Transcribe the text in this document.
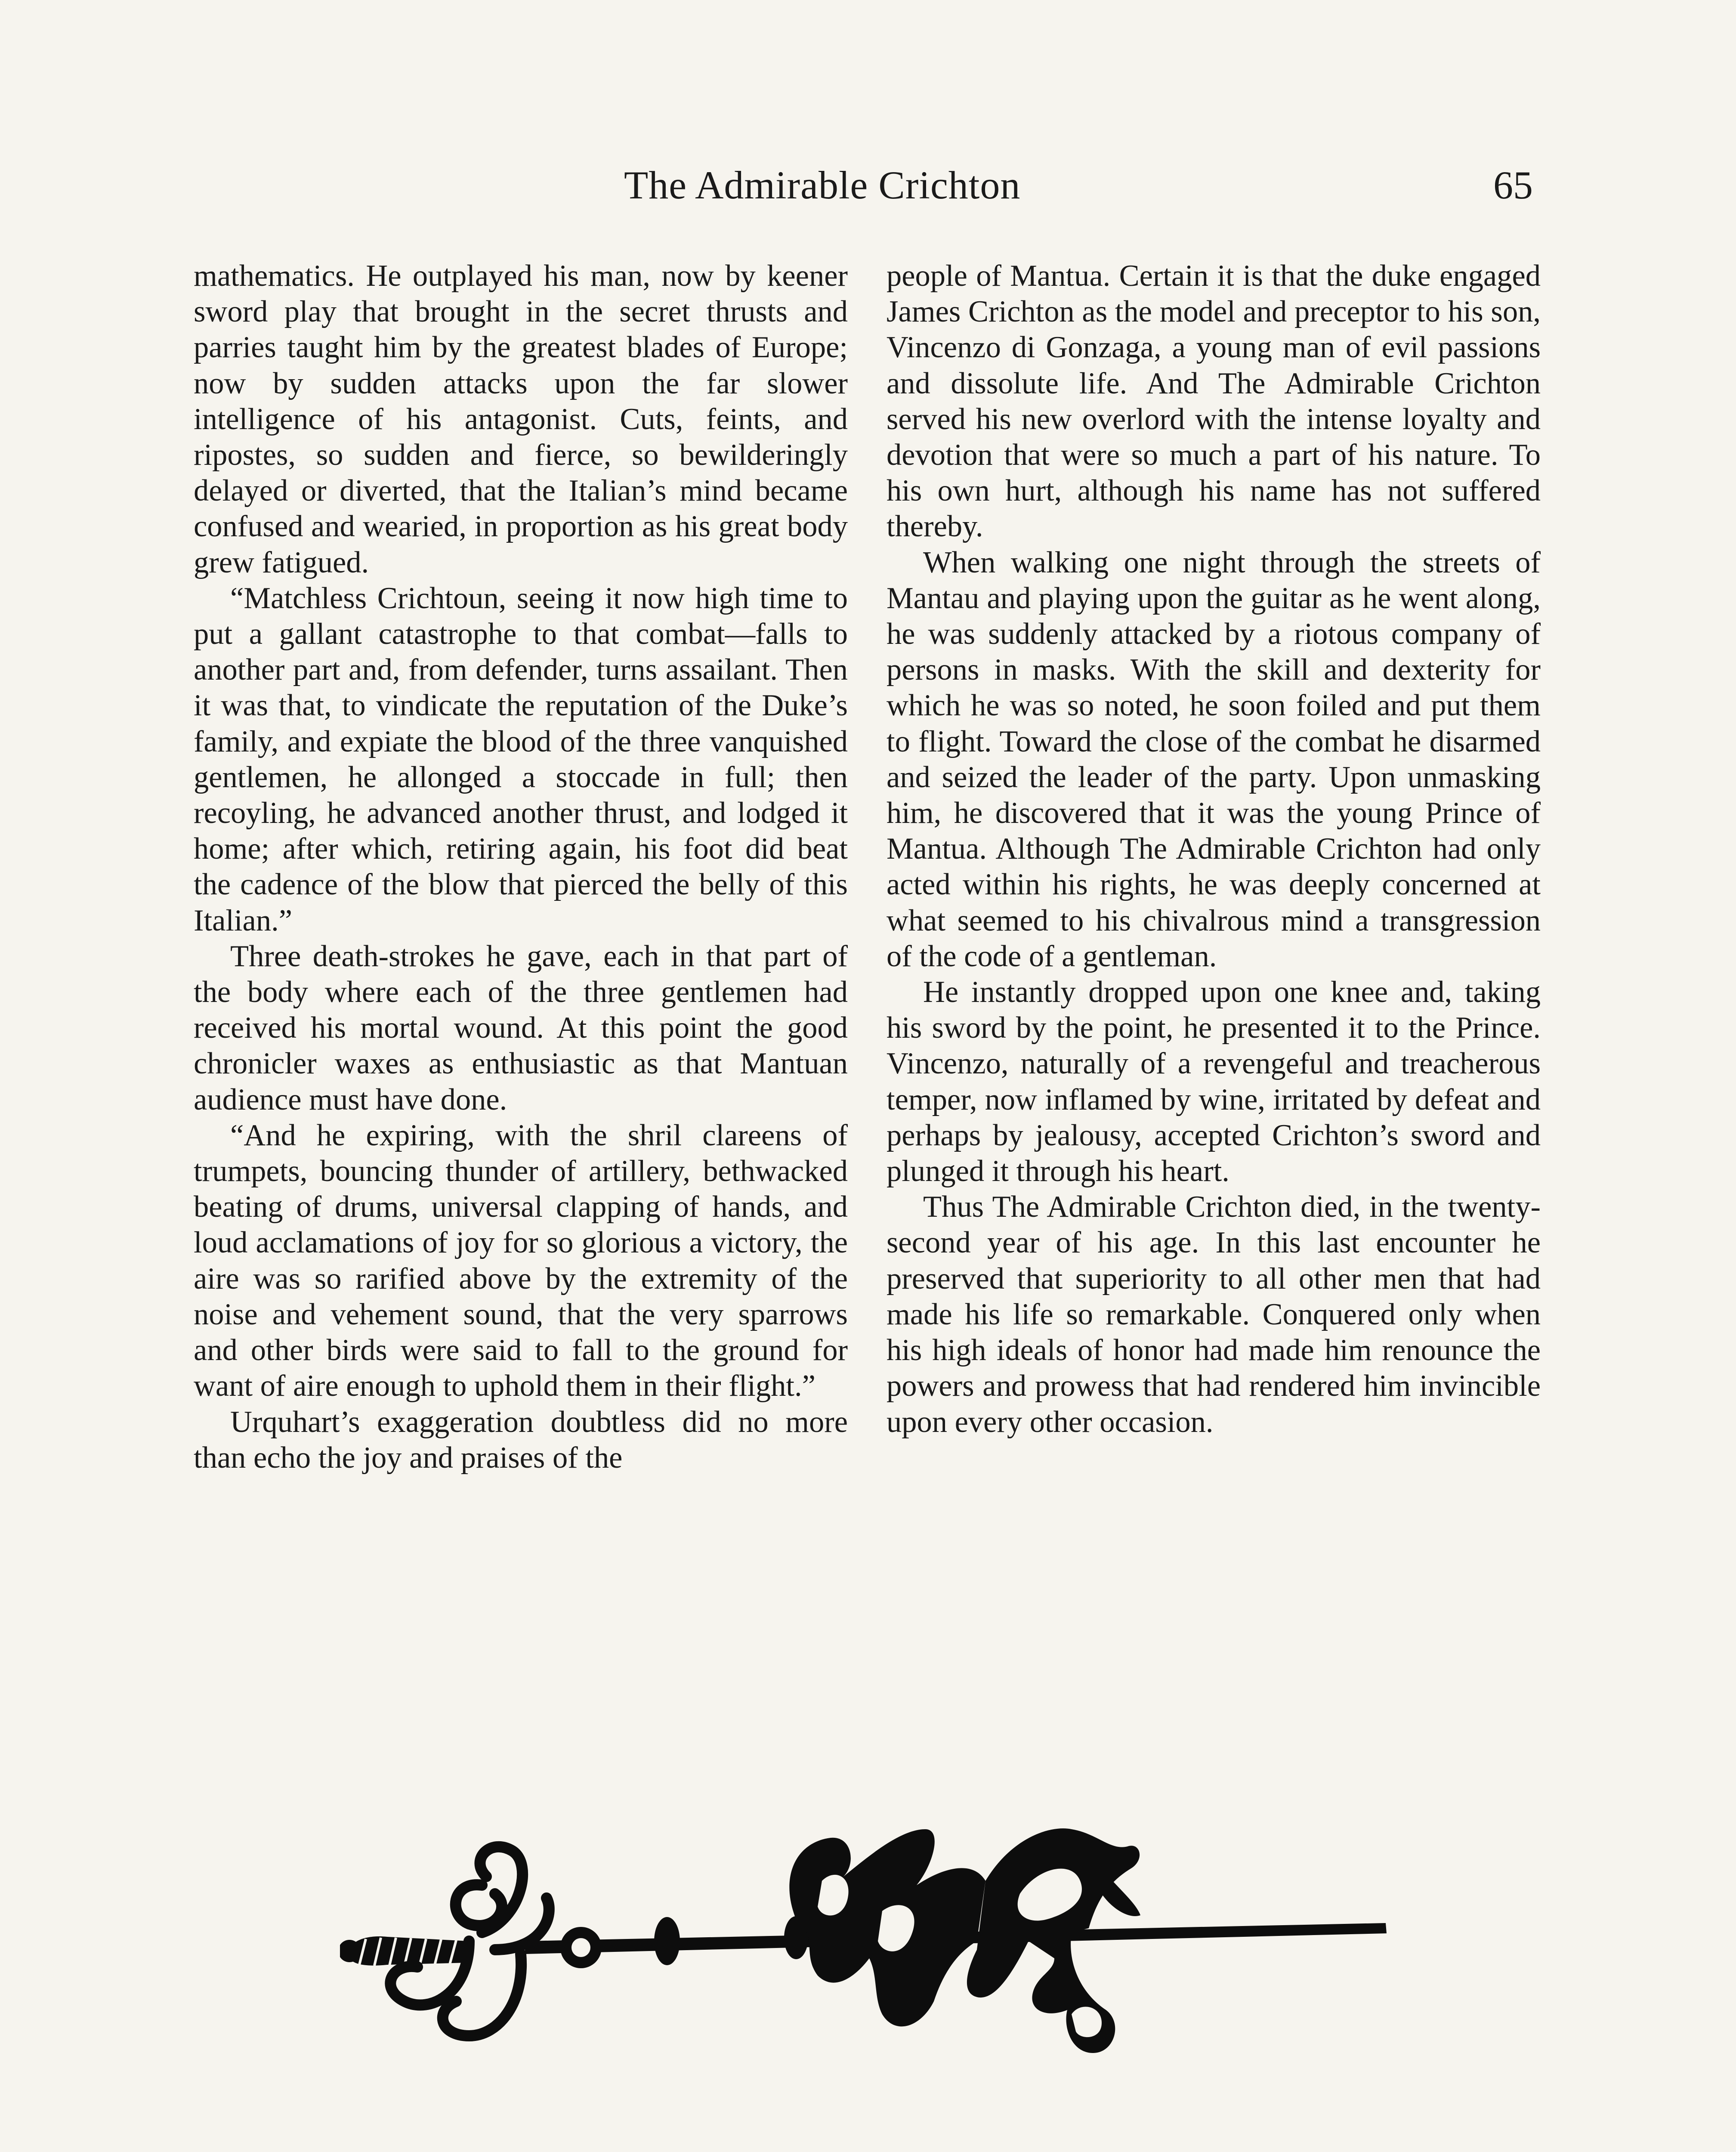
The Admirable Crichton	65

mathematics. He outplayed his man, now by keener sword play that brought in the secret thrusts and parries taught him by the greatest blades of Europe; now by sudden attacks upon the far slower intelligence of his antagonist. Cuts, feints, and ripostes, so sudden and fierce, so bewilderingly delayed or diverted, that the Italian’s mind became confused and wearied, in proportion as his great body grew fatigued.

“Matchless Crichtoun, seeing it now high time to put a gallant catastrophe to that combat—falls to another part and, from defender, turns assailant. Then it was that, to vindicate the reputation of the Duke’s family, and expiate the blood of the three vanquished gentlemen, he allonged a stoccade in full; then recoyling, he advanced another thrust, and lodged it home; after which, retiring again, his foot did beat the cadence of the blow that pierced the belly of this Italian.”

Three death-strokes he gave, each in that part of the body where each of the three gentlemen had received his mortal wound. At this point the good chronicler waxes as enthusiastic as that Mantuan audience must have done.

“And he expiring, with the shril clareens of trumpets, bouncing thunder of artillery, bethwacked beating of drums, universal clapping of hands, and loud acclamations of joy for so glorious a victory, the aire was so rarified above by the extremity of the noise and vehement sound, that the very sparrows and other birds were said to fall to the ground for want of aire enough to uphold them in their flight.”

Urquhart’s exaggeration doubtless did no more than echo the joy and praises of the

people of Mantua. Certain it is that the duke engaged James Crichton as the model and preceptor to his son, Vincenzo di Gonzaga, a young man of evil passions and dissolute life. And The Admirable Crichton served his new overlord with the intense loyalty and devotion that were so much a part of his nature. To his own hurt, although his name has not suffered thereby.

When walking one night through the streets of Mantau and playing upon the guitar as he went along, he was suddenly attacked by a riotous company of persons in masks. With the skill and dexterity for which he was so noted, he soon foiled and put them to flight. Toward the close of the combat he disarmed and seized the leader of the party. Upon unmasking him, he discovered that it was the young Prince of Mantua. Although The Admirable Crichton had only acted within his rights, he was deeply concerned at what seemed to his chivalrous mind a transgression of the code of a gentleman.

He instantly dropped upon one knee and, taking his sword by the point, he presented it to the Prince. Vincenzo, naturally of a revengeful and treacherous temper, now inflamed by wine, irritated by defeat and perhaps by jealousy, accepted Crichton’s sword and plunged it through his heart.

Thus The Admirable Crichton died, in the twenty-second year of his age. In this last encounter he preserved that superiority to all other men that had made his life so remarkable. Conquered only when his high ideals of honor had made him renounce the powers and prowess that had rendered him invincible upon every other occasion.
